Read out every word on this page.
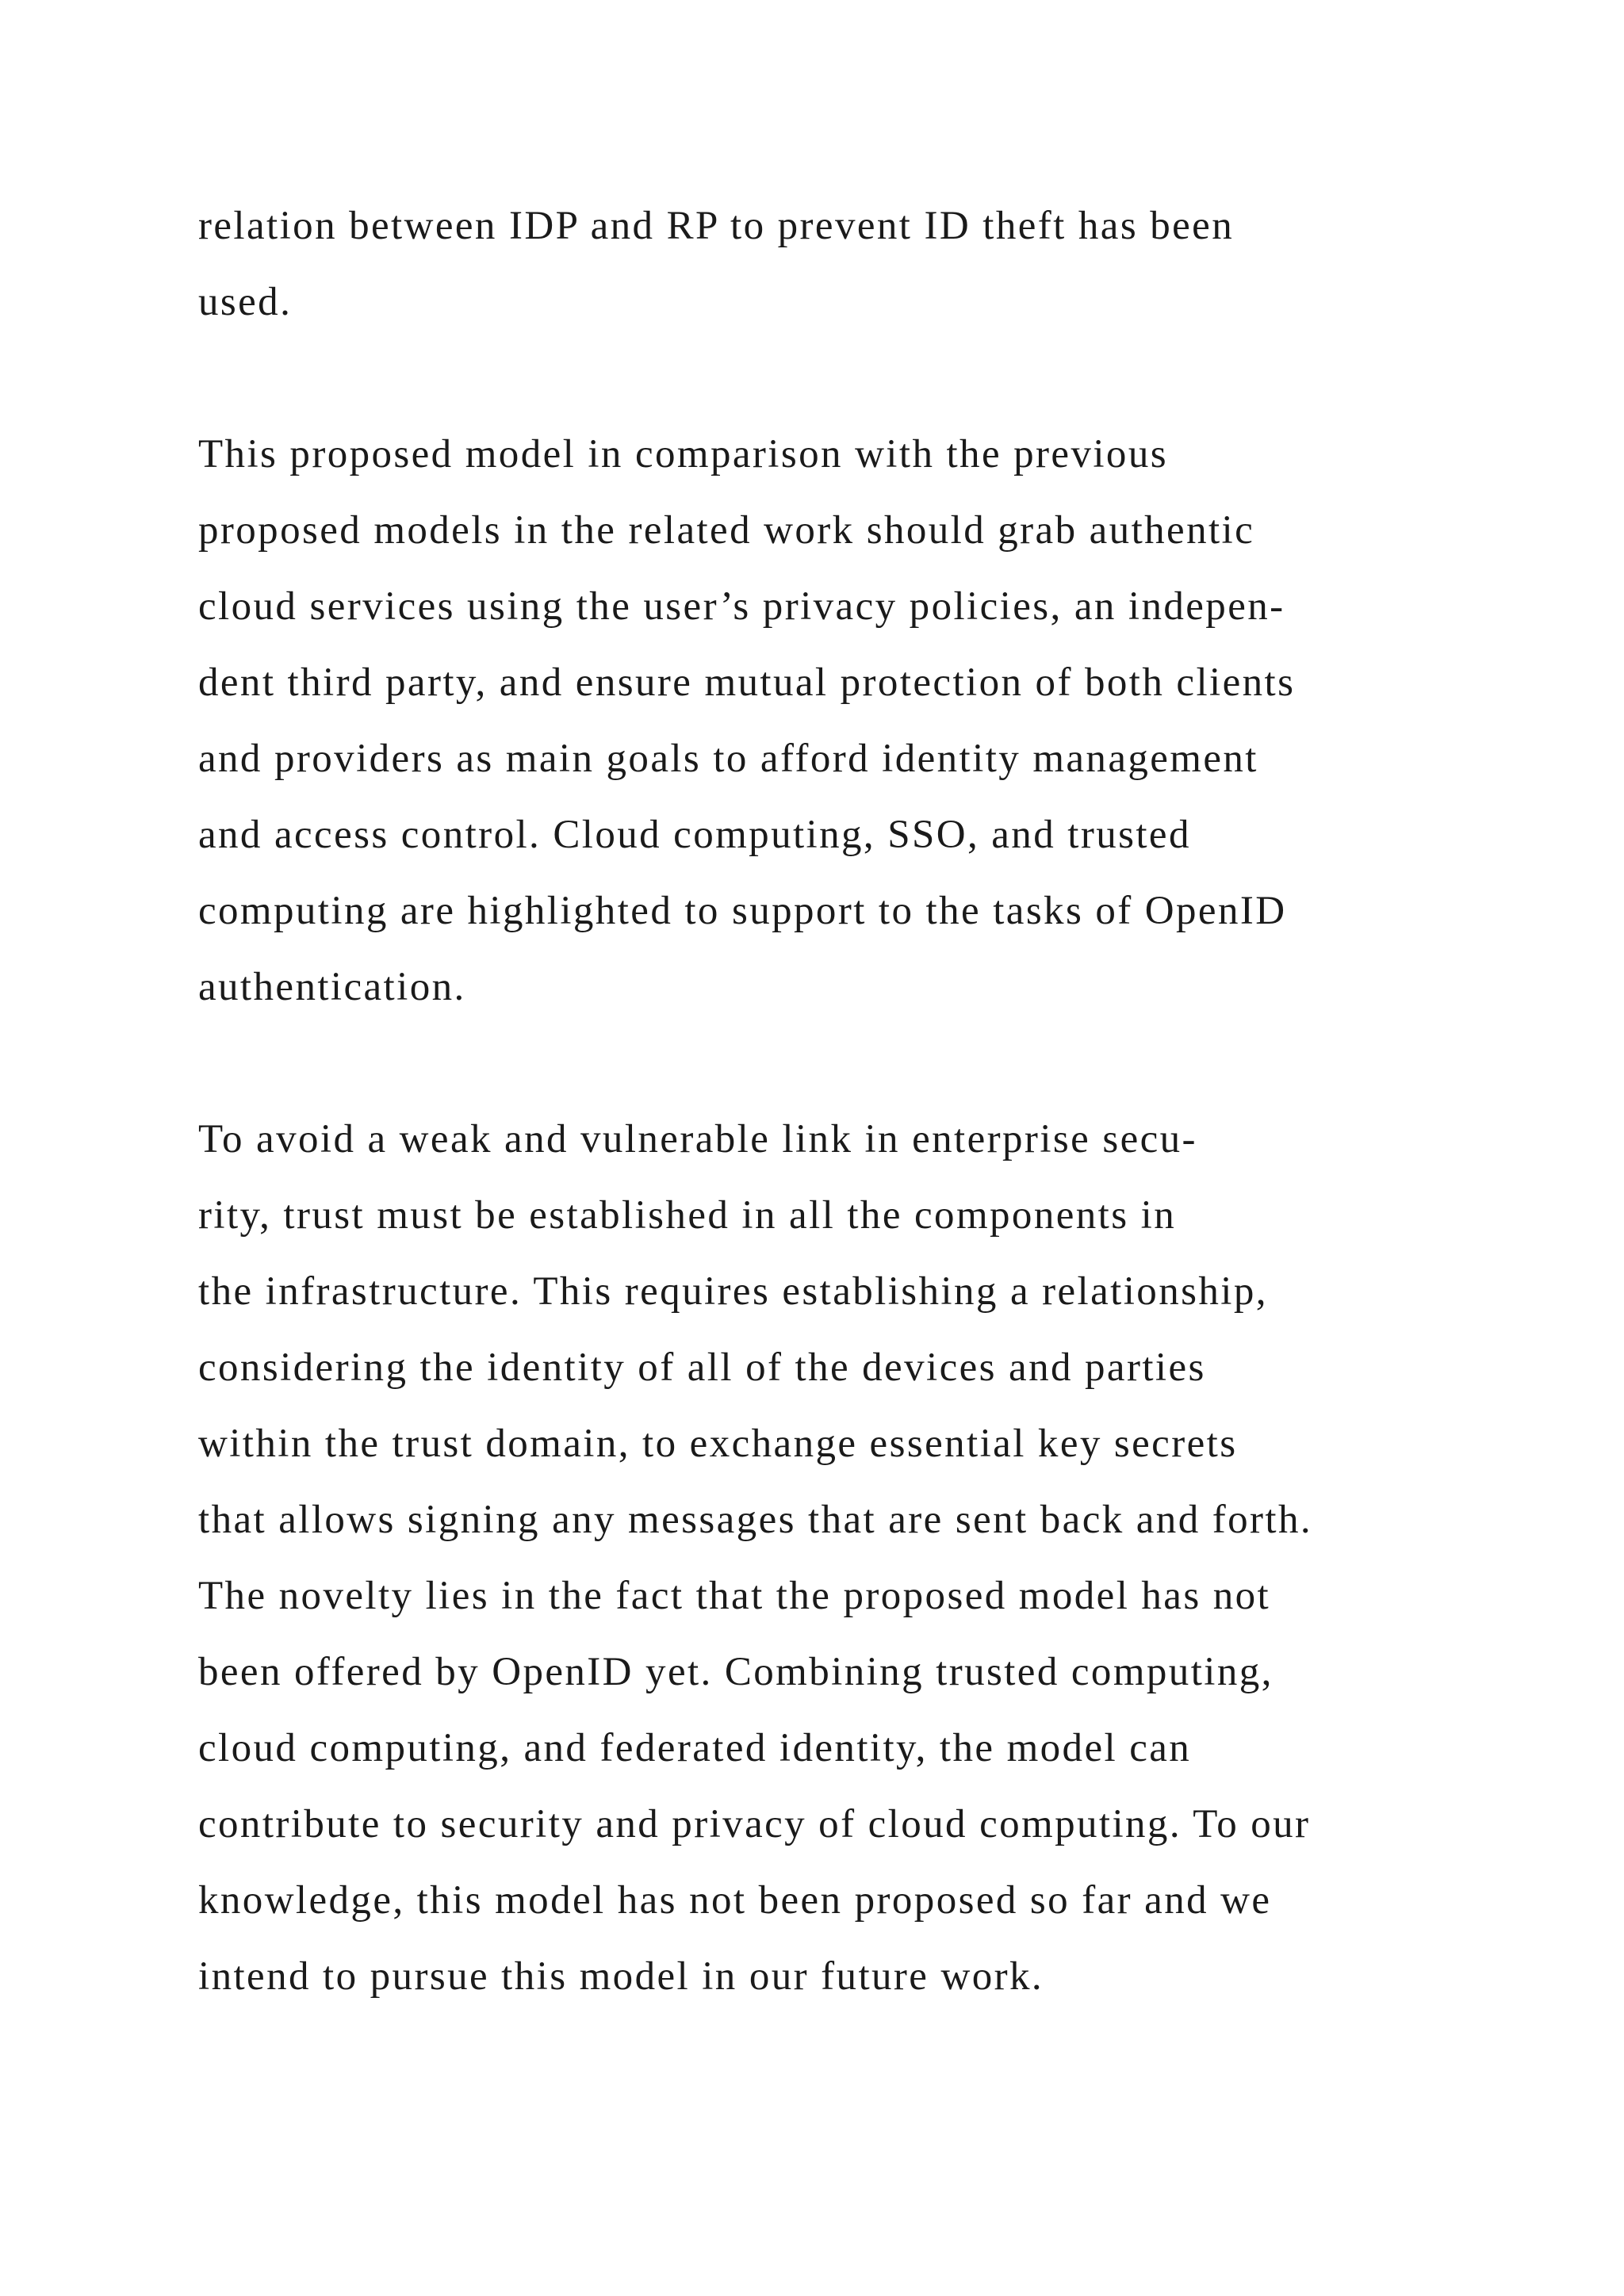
relation between IDP and RP to prevent ID theft has been
used.
This proposed model in comparison with the previous
proposed models in the related work should grab authentic
cloud services using the user’s privacy policies, an indepen-
dent third party, and ensure mutual protection of both clients
and providers as main goals to afford identity management
and access control. Cloud computing, SSO, and trusted
computing are highlighted to support to the tasks of OpenID
authentication.
To avoid a weak and vulnerable link in enterprise secu-
rity, trust must be established in all the components in
the infrastructure. This requires establishing a relationship,
considering the identity of all of the devices and parties
within the trust domain, to exchange essential key secrets
that allows signing any messages that are sent back and forth.
The novelty lies in the fact that the proposed model has not
been offered by OpenID yet. Combining trusted computing,
cloud computing, and federated identity, the model can
contribute to security and privacy of cloud computing. To our
knowledge, this model has not been proposed so far and we
intend to pursue this model in our future work.
